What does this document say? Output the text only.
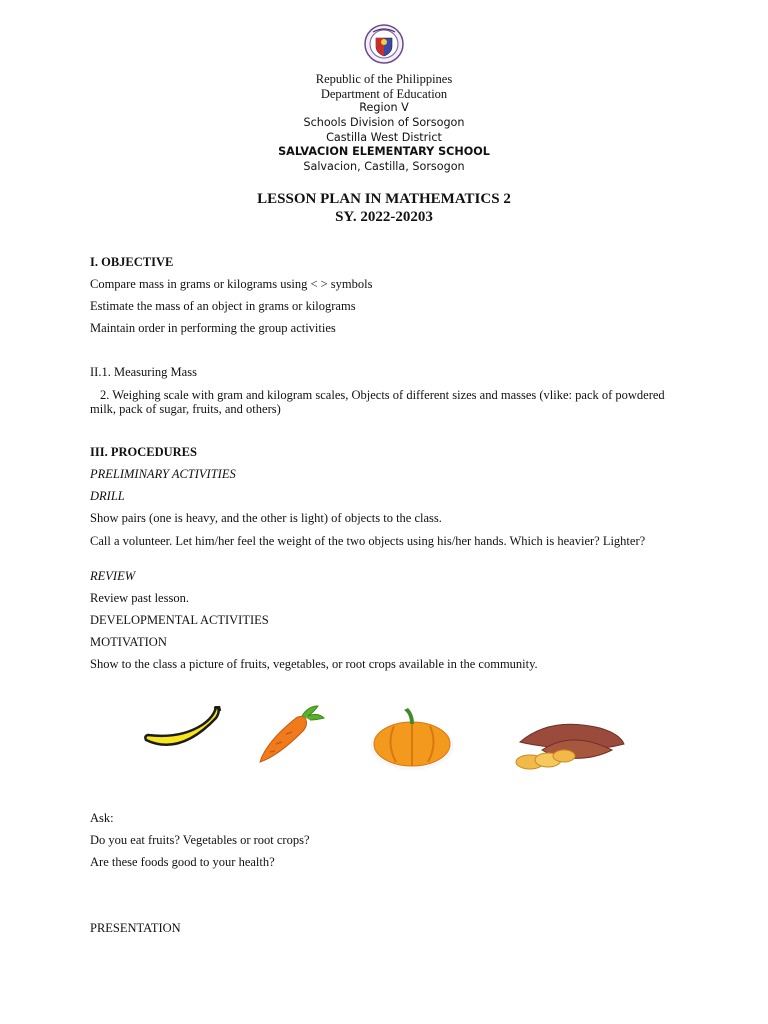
Republic of the Philippines
Department of Education
Region V
Schools Division of Sorsogon
Castilla West District
SALVACION ELEMENTARY SCHOOL
Salvacion, Castilla, Sorsogon
LESSON PLAN IN MATHEMATICS 2
SY. 2022-20203
I. OBJECTIVE
Compare mass in grams or kilograms using < > symbols
Estimate the mass of an object in grams or kilograms
Maintain order in performing the group activities
II.1. Measuring Mass
2. Weighing scale with gram and kilogram scales, Objects of different sizes and masses (vlike: pack of powdered milk, pack of sugar, fruits, and others)
III. PROCEDURES
PRELIMINARY ACTIVITIES
DRILL
Show pairs (one is heavy, and the other is light) of objects to the class.
Call a volunteer. Let him/her feel the weight of the two objects using his/her hands. Which is heavier? Lighter?
REVIEW
Review past lesson.
DEVELOPMENTAL ACTIVITIES
MOTIVATION
Show to the class a picture of fruits, vegetables, or root crops available in the community.
Ask:
Do you eat fruits? Vegetables or root crops?
Are these foods good to your health?
PRESENTATION
